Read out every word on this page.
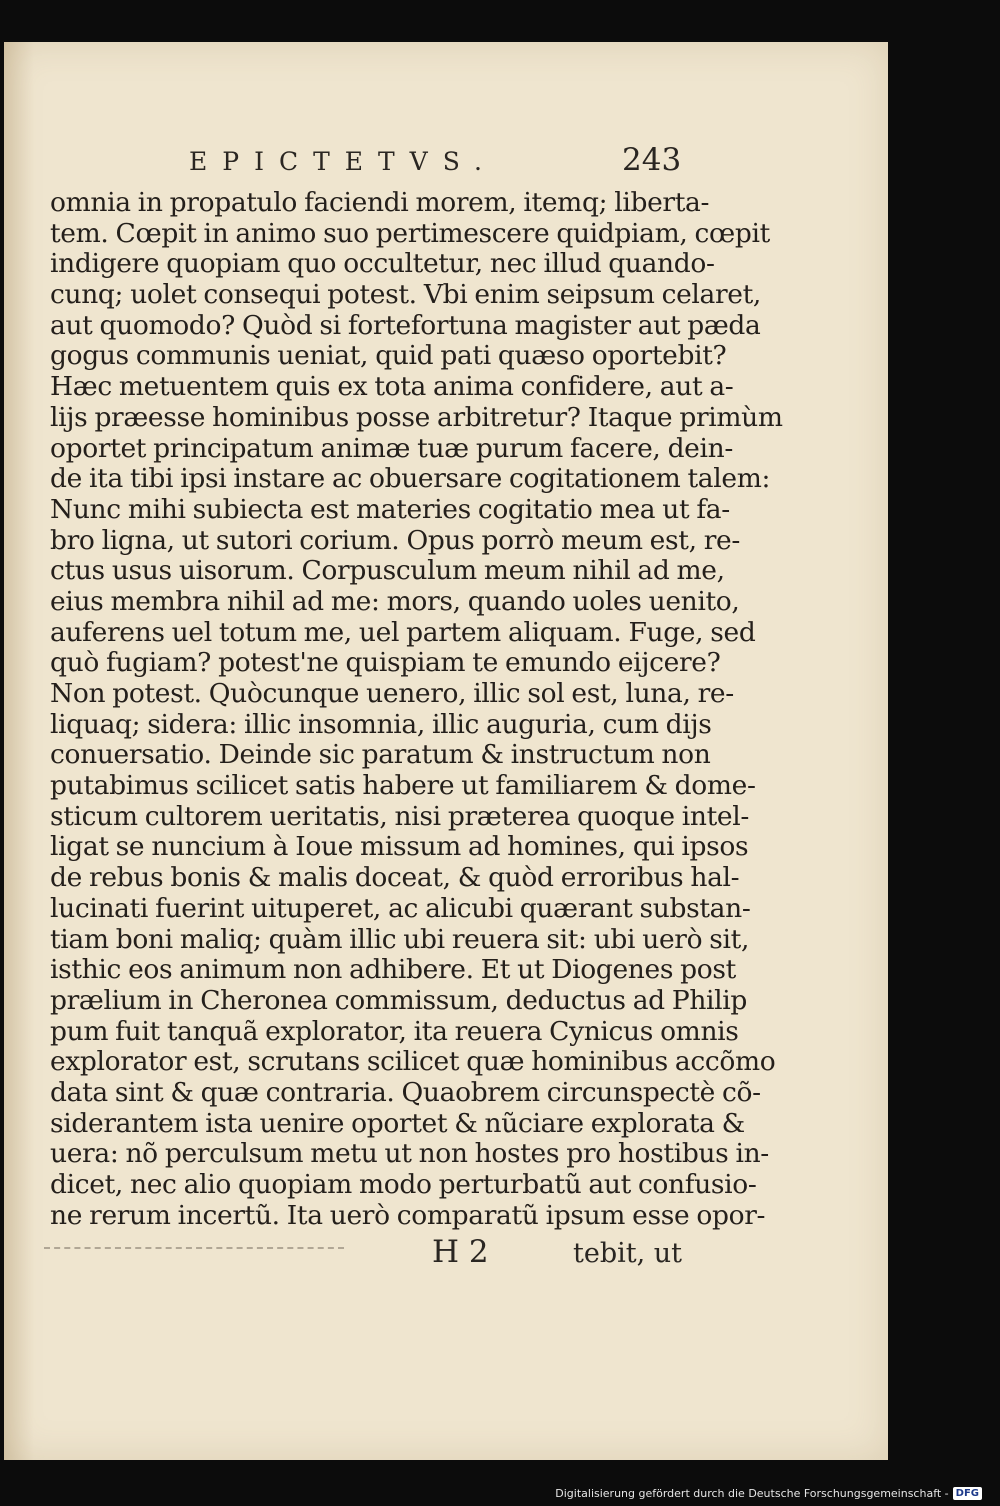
EPICTETVS.	243
omnia in propatulo faciendi morem, itemq; liberta-
tem. Cœpit in animo suo pertimescere quidpiam, cœpit
indigere quopiam quo occultetur, nec illud quando-
cunq; uolet consequi potest. Vbi enim seipsum celaret,
aut quomodo? Quòd si fortefortuna magister aut pæda
gogus communis ueniat, quid pati quæso oportebit?
Hæc metuentem quis ex tota anima confidere, aut a-
lijs præesse hominibus posse arbitretur? Itaque primùm
oportet principatum animæ tuæ purum facere, dein-
de ita tibi ipsi instare ac obuersare cogitationem talem:
Nunc mihi subiecta est materies cogitatio mea ut fa-
bro ligna, ut sutori corium. Opus porrò meum est, re-
ctus usus uisorum. Corpusculum meum nihil ad me,
eius membra nihil ad me: mors, quando uoles uenito,
auferens uel totum me, uel partem aliquam. Fuge, sed
quò fugiam? potest'ne quispiam te emundo eijcere?
Non potest. Quòcunque uenero, illic sol est, luna, re-
liquaq; sidera: illic insomnia, illic auguria, cum dijs
conuersatio. Deinde sic paratum & instructum non
putabimus scilicet satis habere ut familiarem & dome-
sticum cultorem ueritatis, nisi præterea quoque intel-
ligat se nuncium à Ioue missum ad homines, qui ipsos
de rebus bonis & malis doceat, & quòd erroribus hal-
lucinati fuerint uituperet, ac alicubi quærant substan-
tiam boni maliq; quàm illic ubi reuera sit: ubi uerò sit,
isthic eos animum non adhibere. Et ut Diogenes post
prælium in Cheronea commissum, deductus ad Philip
pum fuit tanquã explorator, ita reuera Cynicus omnis
explorator est, scrutans scilicet quæ hominibus accõmo
data sint & quæ contraria. Quaobrem circunspectè cõ-
siderantem ista uenire oportet & nũciare explorata &
uera: nõ perculsum metu ut non hostes pro hostibus in-
dicet, nec alio quopiam modo perturbatũ aut confusio-
ne rerum incertũ. Ita uerò comparatũ ipsum esse opor-
H 2	tebit, ut
Digitalisierung gefördert durch die Deutsche Forschungsgemeinschaft - DFG
